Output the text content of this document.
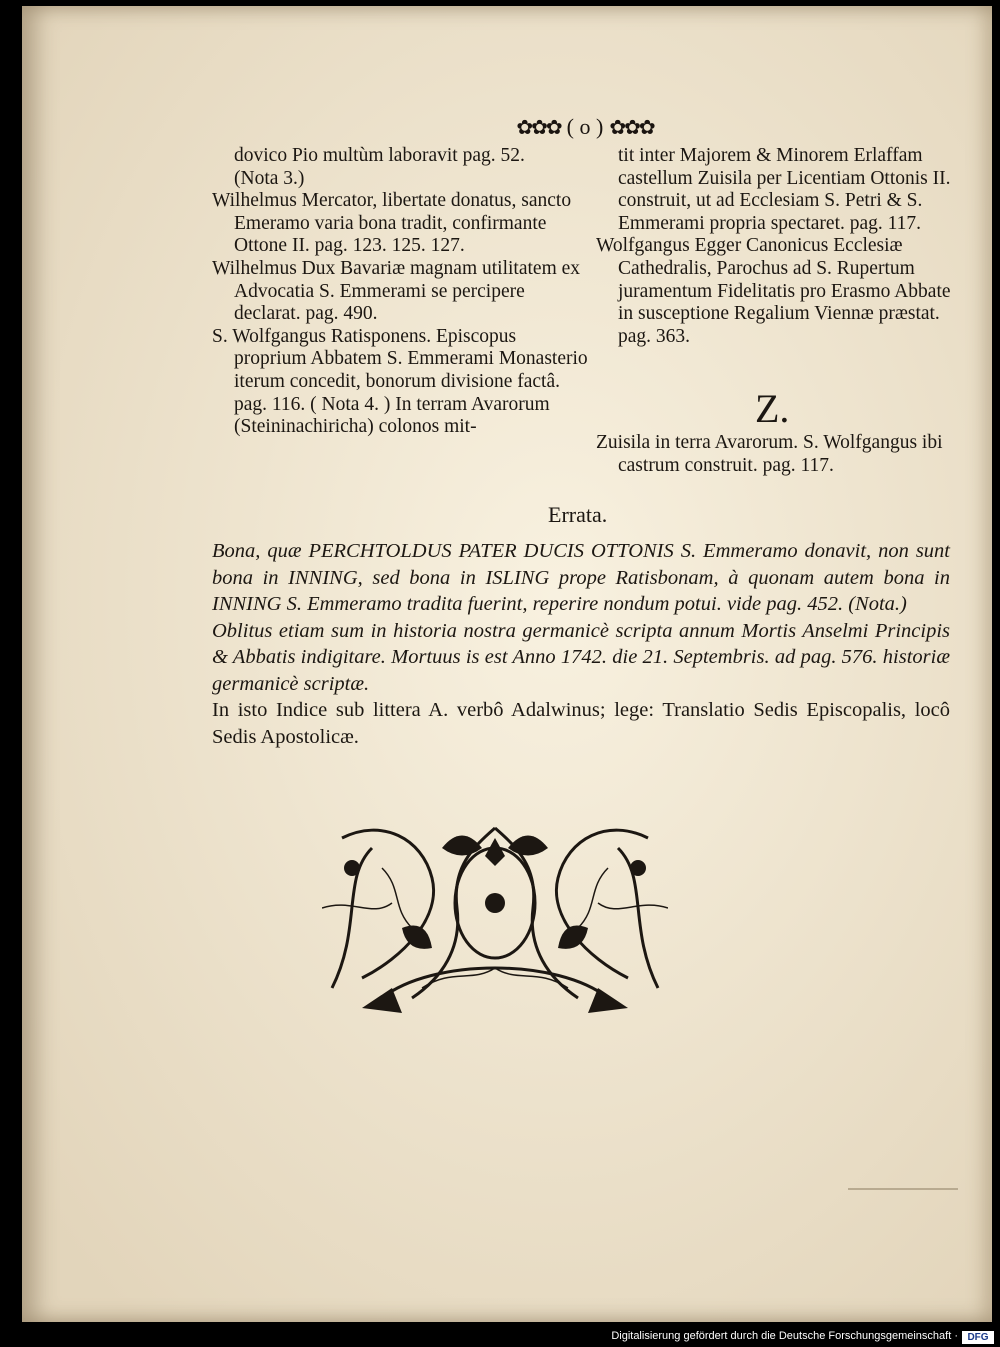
✿✿✿ ( o ) ✿✿✿

dovico Pio multùm laboravit pag. 52.

(Nota 3.)

Wilhelmus Mercator, libertate donatus, sancto Emeramo varia bona tradit, confirmante Ottone II. pag. 123. 125. 127.

Wilhelmus Dux Bavariæ magnam utilitatem ex Advocatia S. Emmerami se percipere declarat. pag. 490.

S. Wolfgangus Ratisponens. Episcopus proprium Abbatem S. Emmerami Monasterio iterum concedit, bonorum divisione factâ. pag. 116. ( Nota 4. ) In terram Avarorum (Steininachiricha) colonos mit-

tit inter Majorem & Minorem Erlaffam castellum Zuisila per Licentiam Ottonis II. construit, ut ad Ecclesiam S. Petri & S. Emmerami propria spectaret. pag. 117.

Wolfgangus Egger Canonicus Ecclesiæ Cathedralis, Parochus ad S. Rupertum juramentum Fidelitatis pro Erasmo Abbate in susceptione Regalium Viennæ præstat. pag. 363.

Z.

Zuisila in terra Avarorum. S. Wolfgangus ibi castrum construit. pag. 117.

Errata.

Bona, quæ PERCHTOLDUS PATER DUCIS OTTONIS S. Emmeramo donavit, non sunt bona in INNING, sed bona in ISLING prope Ratisbonam, à quonam autem bona in INNING S. Emmeramo tradita fuerint, reperire nondum potui. vide pag. 452. (Nota.)

Oblitus etiam sum in historia nostra germanicè scripta annum Mortis Anselmi Principis & Abbatis indigitare. Mortuus is est Anno 1742. die 21. Septembris. ad pag. 576. historiæ germanicè scriptæ.

In isto Indice sub littera A. verbô Adalwinus; lege: Translatio Sedis Episcopalis, locô Sedis Apostolicæ.

Digitalisierung gefördert durch die Deutsche Forschungsgemeinschaft · DFG
